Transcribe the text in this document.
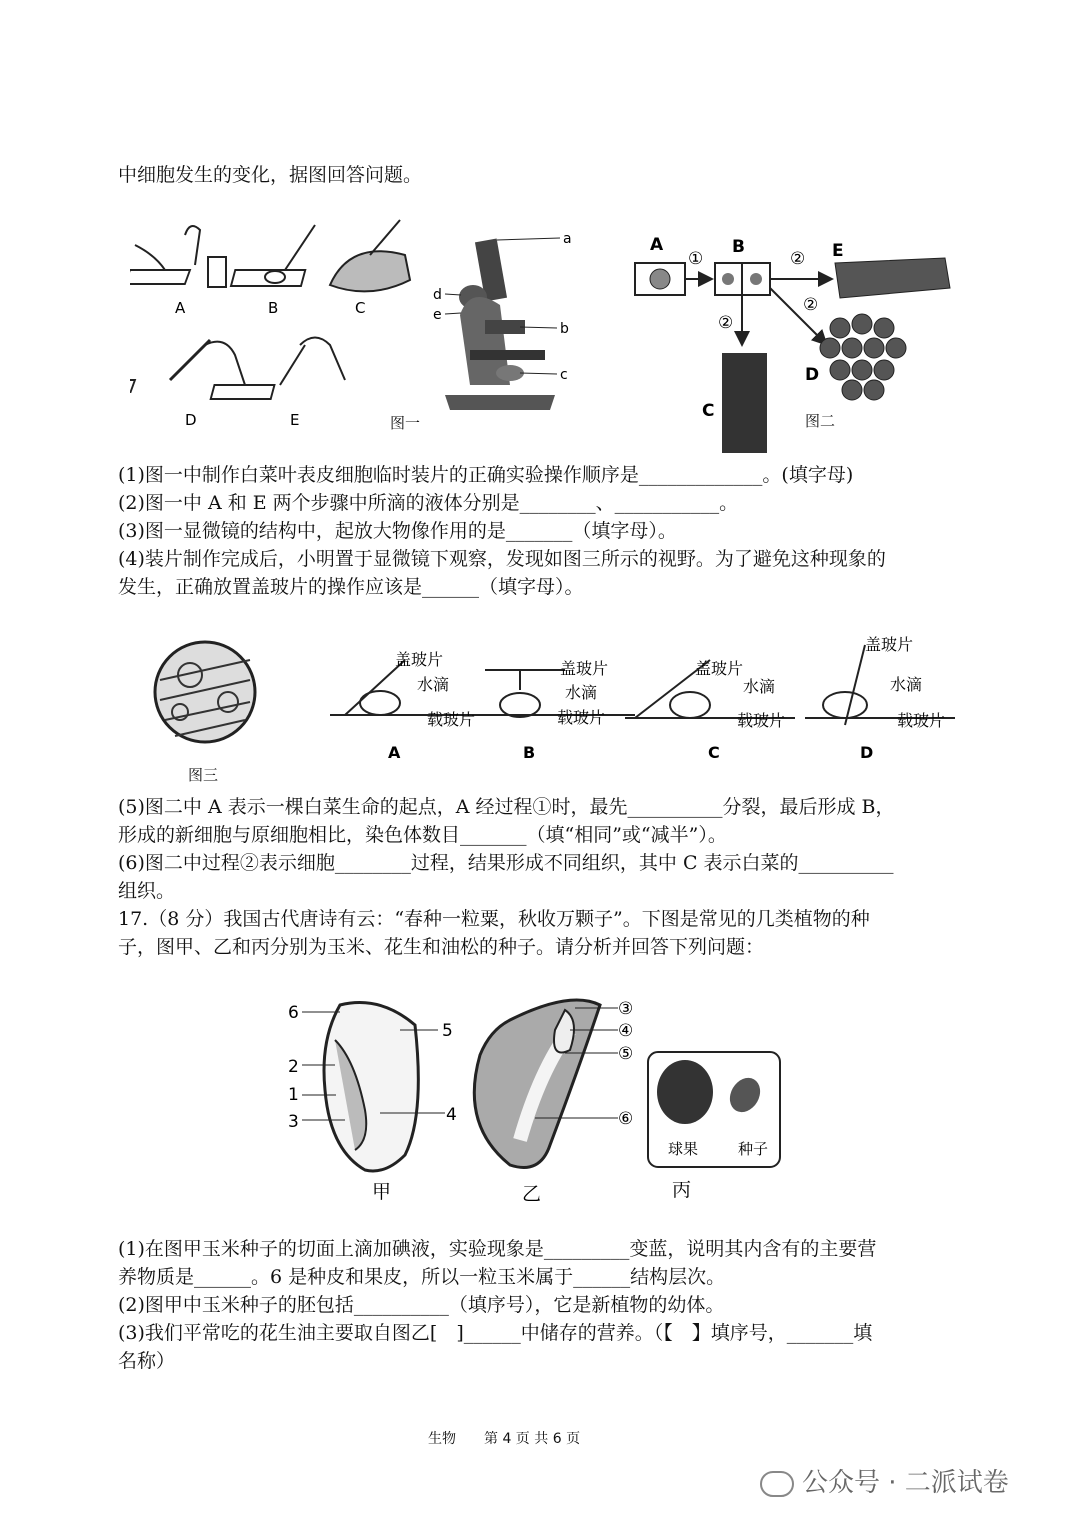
中细胞发生的变化，据图回答问题。
A	B	C
D	E
a
b
c
d
e
图一
A	B
C
D
E
①	②
②
②
图二
(1)图一中制作白菜叶表皮细胞临时装片的正确实验操作顺序是_____________。(填字母)
(2)图一中 A 和 E 两个步骤中所滴的液体分别是________、___________。
(3)图一显微镜的结构中，起放大物像作用的是_______（填字母）。
(4)装片制作完成后，小明置于显微镜下观察，发现如图三所示的视野。为了避免这种现象的
发生，正确放置盖玻片的操作应该是______（填字母）。
图三
盖玻片
水滴
载玻片
盖玻片
水滴
载玻片
盖玻片
水滴
载玻片
盖玻片
水滴
载玻片
A	B	C	D
(5)图二中 A 表示一棵白菜生命的起点，A 经过程①时，最先__________分裂，最后形成 B，
形成的新细胞与原细胞相比，染色体数目_______（填“相同”或“减半”）。
(6)图二中过程②表示细胞________过程，结果形成不同组织，其中 C 表示白菜的__________
组织。
17.（8 分）我国古代唐诗有云：“春种一粒粟，秋收万颗子”。下图是常见的几类植物的种
子，图甲、乙和丙分别为玉米、花生和油松的种子。请分析并回答下列问题：
6
2
1
3
5
4
③
④
⑤
⑥
球果	种子
甲	乙	丙
(1)在图甲玉米种子的切面上滴加碘液，实验现象是_________变蓝，说明其内含有的主要营
养物质是______。6 是种皮和果皮，所以一粒玉米属于______结构层次。
(2)图甲中玉米种子的胚包括__________（填序号），它是新植物的幼体。
(3)我们平常吃的花生油主要取自图乙[　]______中储存的营养。（【　】填序号，_______填
名称）
生物　　第 4 页 共 6 页
公众号 · 二派试卷
